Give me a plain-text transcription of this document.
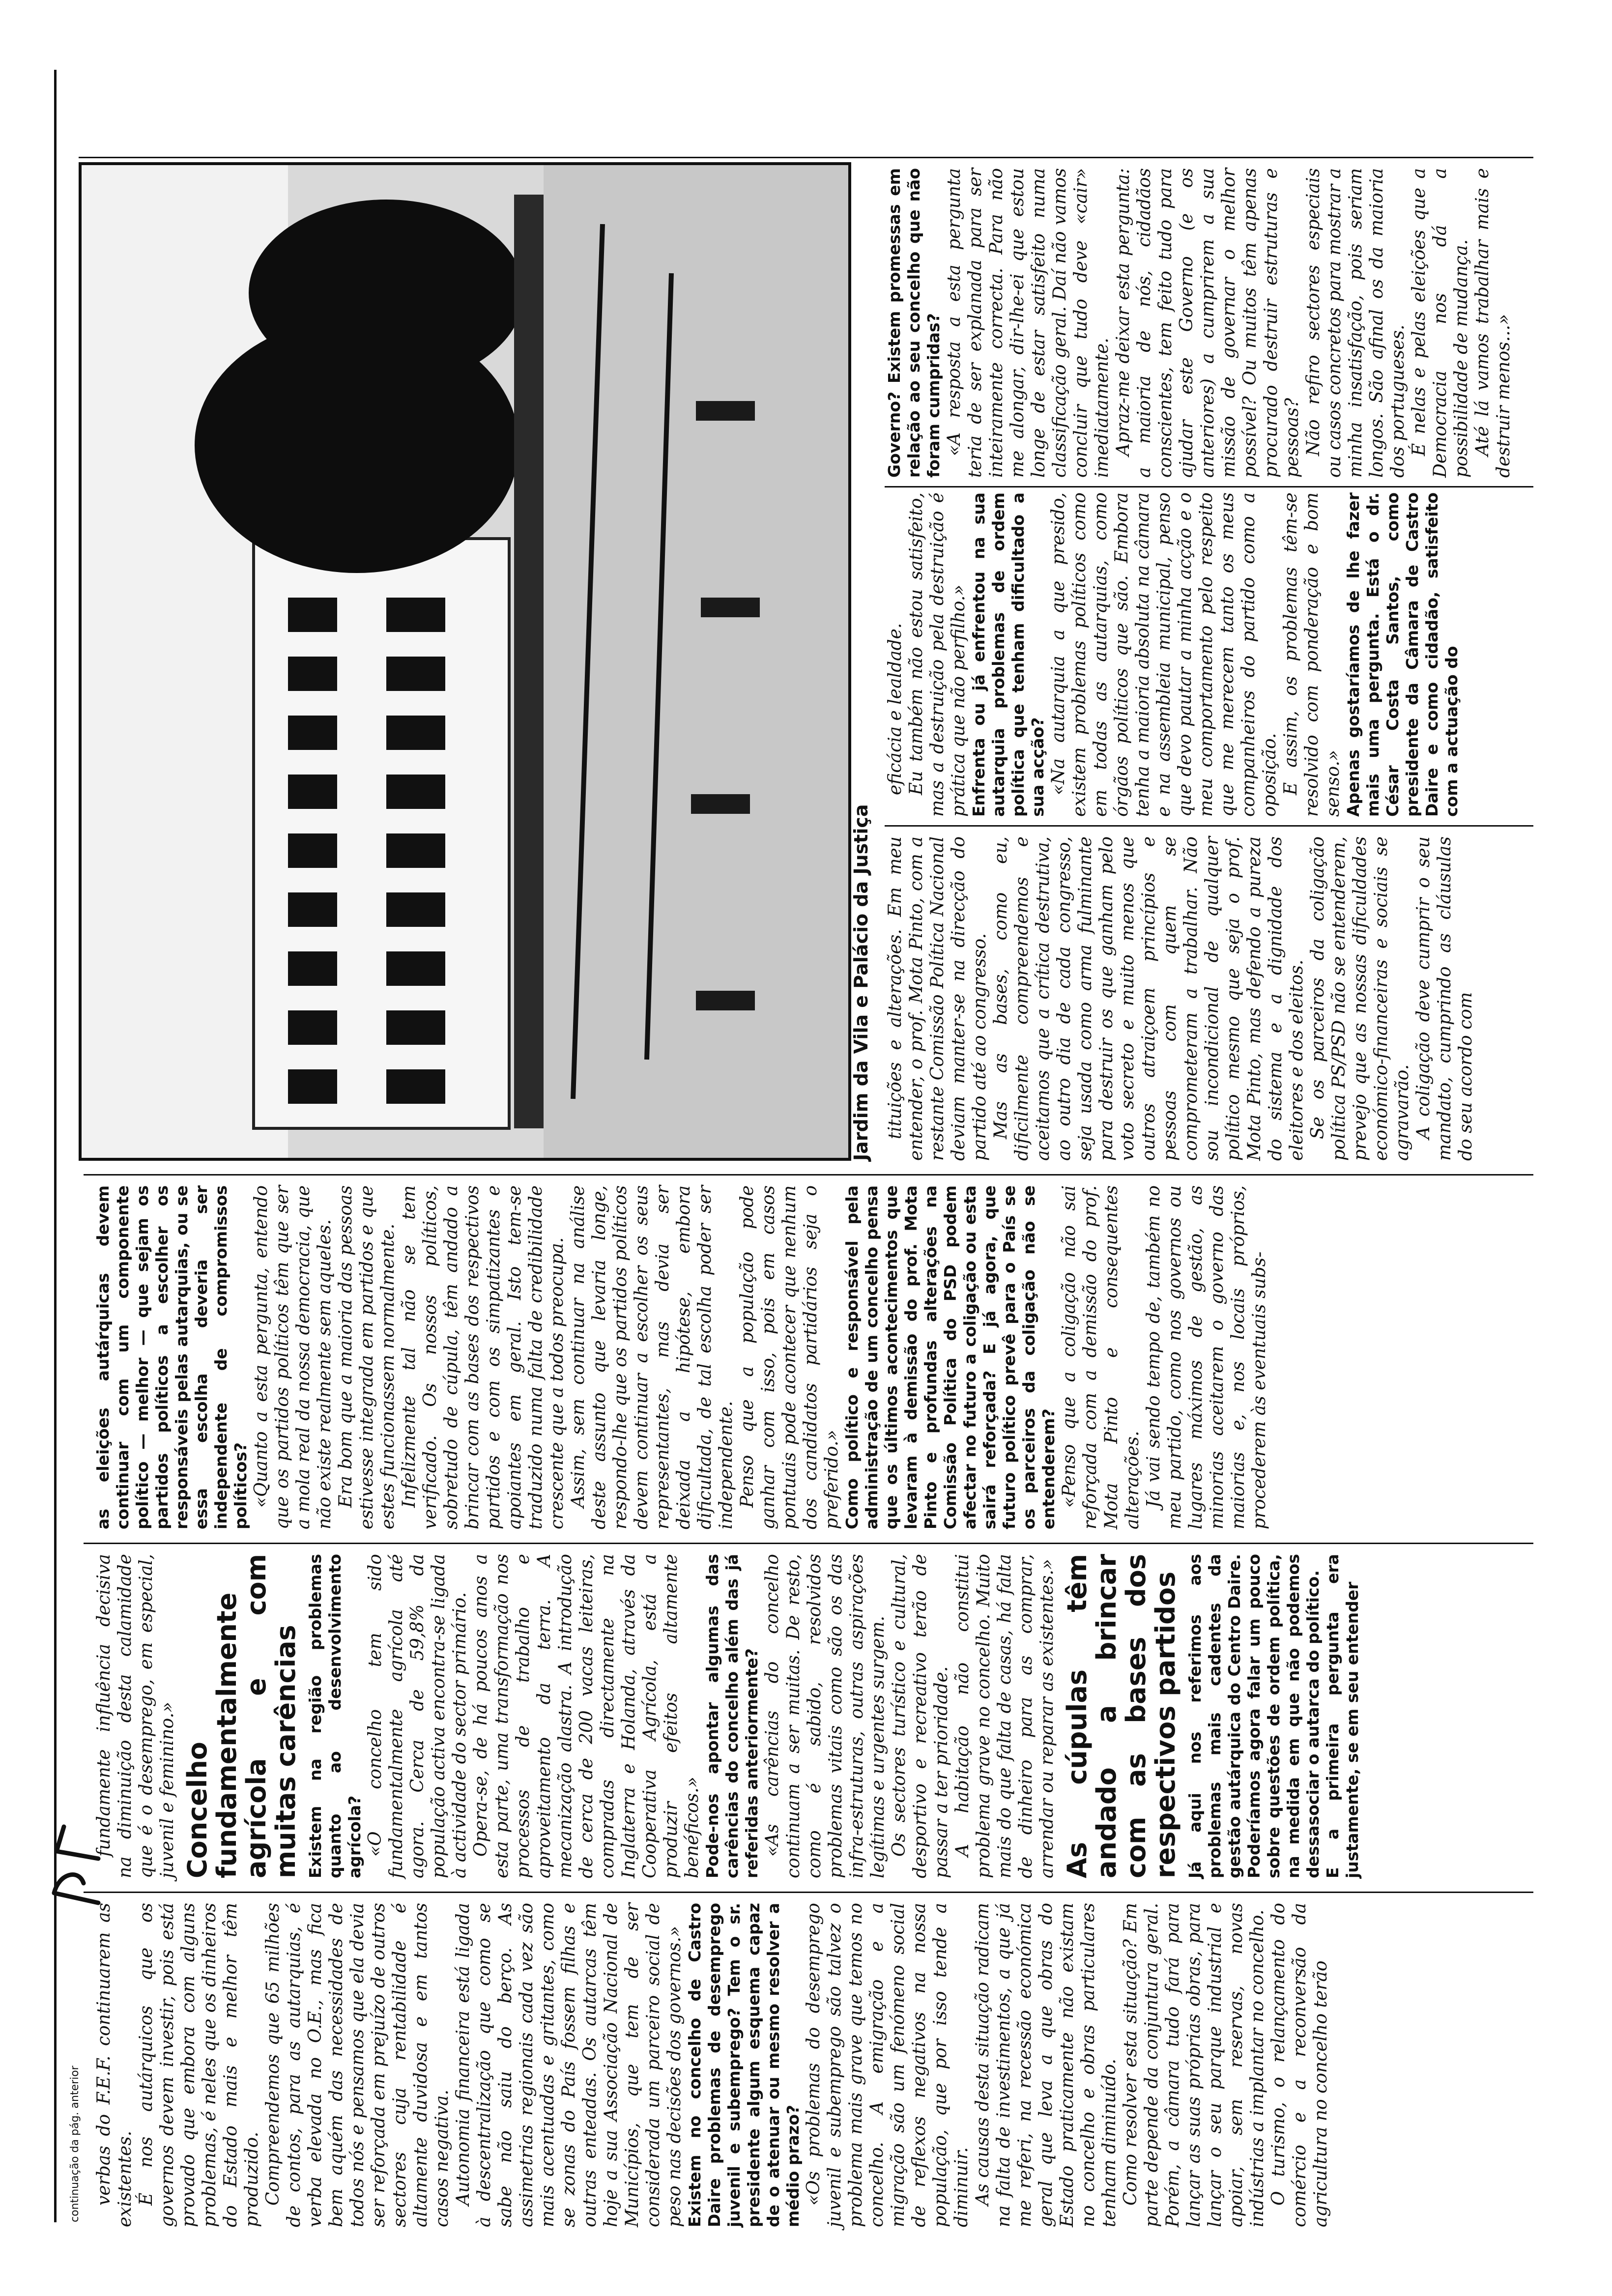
continuação da pág. anterior verbas do F.E.F. continuarem as existentes. É nos autárquicos que os governos devem investir, pois está provado que embora com alguns problemas, é neles que os dinheiros do Estado mais e melhor têm produzido. Compreendemos que 65 milhões de contos, para as autarquias, é verba elevada no O.E., mas fica bem aquém das necessidades de todos nós e pensamos que ela devia ser reforçada em prejuízo de outros sectores cuja rentabilidade é altamente duvidosa e em tantos casos negativa. Autonomia financeira está ligada à descentralização que como se sabe não saiu do berço. As assimetrias regionais cada vez são mais acentuadas e gritantes, como se zonas do País fossem filhas e outras enteadas. Os autarcas têm hoje a sua Associação Nacional de Municípios, que tem de ser considerada um parceiro social de peso nas decisões dos governos.» Existem no concelho de Castro Daire problemas de desemprego juvenil e subemprego? Tem o sr. presidente algum esquema capaz de o atenuar ou mesmo resolver a médio prazo? «Os problemas do desemprego juvenil e subemprego são talvez o problema mais grave que temos no concelho. A emigração e a migração são um fenómeno social de reflexos negativos na nossa população, que por isso tende a diminuir. As causas desta situação radicam na falta de investimentos, a que já me referi, na recessão económica geral que leva a que obras do Estado praticamente não existam no concelho e obras particulares tenham diminuído. Como resolver esta situação? Em parte depende da conjuntura geral. Porém, a câmara tudo fará para lançar as suas próprias obras, para lançar o seu parque industrial e apoiar, sem reservas, novas indústrias a implantar no concelho. O turismo, o relançamento do comércio e a reconversão da agricultura no concelho terão

fundamente influência decisiva na diminuição desta calamidade que é o desemprego, em especial, juvenil e feminino.» Concelho fundamentalmente agrícola e com muitas carências Existem na região problemas quanto ao desenvolvimento agrícola? «O concelho tem sido fundamentalmente agrícola até agora. Cerca de 59,8% da população activa encontra-se ligada à actividade do sector primário. Opera-se, de há poucos anos a esta parte, uma transformação nos processos de trabalho e aproveitamento da terra. A mecanização alastra. A introdução de cerca de 200 vacas leiteiras, compradas directamente na Inglaterra e Holanda, através da Cooperativa Agrícola, está a produzir efeitos altamente benéficos.» Pode-nos apontar algumas das carências do concelho além das já referidas anteriormente? «As carências do concelho continuam a ser muitas. De resto, como é sabido, resolvidos problemas vitais como são os das infra-estruturas, outras aspirações legítimas e urgentes surgem. Os sectores turístico e cultural, desportivo e recreativo terão de passar a ter prioridade. A habitação não constitui problema grave no concelho. Muito mais do que falta de casas, há falta de dinheiro para as comprar, arrendar ou reparar as existentes.» As cúpulas têm andado a brincar com as bases dos respectivos partidos Já aqui nos referimos aos problemas mais cadentes da gestão autárquica do Centro Daire. Poderíamos agora falar um pouco sobre questões de ordem política, na medida em que não podemos dessasociar o autarca do político. E a primeira pergunta era justamente, se em seu entender

as eleições autárquicas devem continuar com um componente político — melhor — que sejam os partidos políticos a escolher os responsáveis pelas autarquias, ou se essa escolha deveria ser independente de compromissos políticos? «Quanto a esta pergunta, entendo que os partidos políticos têm que ser a mola real da nossa democracia, que não existe realmente sem aqueles. Era bom que a maioria das pessoas estivesse integrada em partidos e que estes funcionassem normalmente. Infelizmente tal não se tem verificado. Os nossos políticos, sobretudo de cúpula, têm andado a brincar com as bases dos respectivos partidos e com os simpatizantes e apoiantes em geral. Isto tem-se traduzido numa falta de credibilidade crescente que a todos preocupa. Assim, sem continuar na análise deste assunto que levaria longe, respondo-lhe que os partidos políticos devem continuar a escolher os seus representantes, mas devia ser deixada a hipótese, embora dificultada, de tal escolha poder ser independente. Penso que a população pode ganhar com isso, pois em casos pontuais pode acontecer que nenhum dos candidatos partidários seja o preferido.» Como político e responsável pela administração de um concelho pensa que os últimos acontecimentos que levaram à demissão do prof. Mota Pinto e profundas alterações na Comissão Política do PSD podem afectar no futuro a coligação ou esta sairá reforçada? E já agora, que futuro político prevê para o País se os parceiros da coligação não se entenderem? «Penso que a coligação não sai reforçada com a demissão do prof. Mota Pinto e consequentes alterações. Já vai sendo tempo de, também no meu partido, como nos governos ou lugares máximos de gestão, as minorias aceitarem o governo das maiorias e, nos locais próprios, procederem às eventuais subs-

Jardim da Vila e Palácio da Justiça tituições e alterações. Em meu entender, o prof. Mota Pinto, com a restante Comissão Política Nacional deviam manter-se na direcção do partido até ao congresso. Mas as bases, como eu, dificilmente compreendemos e aceitamos que a crítica destrutiva, ao outro dia de cada congresso, seja usada como arma fulminante para destruir os que ganham pelo voto secreto e muito menos que outros atraiçoem princípios e pessoas com quem se comprometeram a trabalhar. Não sou incondicional de qualquer político mesmo que seja o prof. Mota Pinto, mas defendo a pureza do sistema e a dignidade dos eleitores e dos eleitos. Se os parceiros da coligação política PS/PSD não se entenderem, prevejo que as nossas dificuldades económico-financeiras e sociais se agravarão. A coligação deve cumprir o seu mandato, cumprindo as cláusulas do seu acordo com

eficácia e lealdade. Eu também não estou satisfeito, mas a destruição pela destruição é prática que não perfilho.» Enfrenta ou já enfrentou na sua autarquia problemas de ordem política que tenham dificultado a sua acção? «Na autarquia a que presido, existem problemas políticos como em todas as autarquias, como órgãos políticos que são. Embora tenha a maioria absoluta na câmara e na assembleia municipal, penso que devo pautar a minha acção e o meu comportamento pelo respeito que me merecem tanto os meus companheiros do partido como a oposição. E assim, os problemas têm-se resolvido com ponderação e bom senso.» Apenas gostaríamos de lhe fazer mais uma pergunta. Está o dr. César Costa Santos, como presidente da Câmara de Castro Daire e como cidadão, satisfeito com a actuação do

Governo? Existem promessas em relação ao seu concelho que não foram cumpridas? «A resposta a esta pergunta teria de ser explanada para ser inteiramente correcta. Para não me alongar, dir-lhe-ei que estou longe de estar satisfeito numa classificação geral. Daí não vamos concluir que tudo deve «cair» imediatamente. Apraz-me deixar esta pergunta: a maioria de nós, cidadãos conscientes, tem feito tudo para ajudar este Governo (e os anteriores) a cumprirem a sua missão de governar o melhor possível? Ou muitos têm apenas procurado destruir estruturas e pessoas? Não refiro sectores especiais ou casos concretos para mostrar a minha insatisfação, pois seriam longos. São afinal os da maioria dos portugueses. É nelas e pelas eleições que a Democracia nos dá a possibilidade de mudança. Até lá vamos trabalhar mais e destruir menos...»
